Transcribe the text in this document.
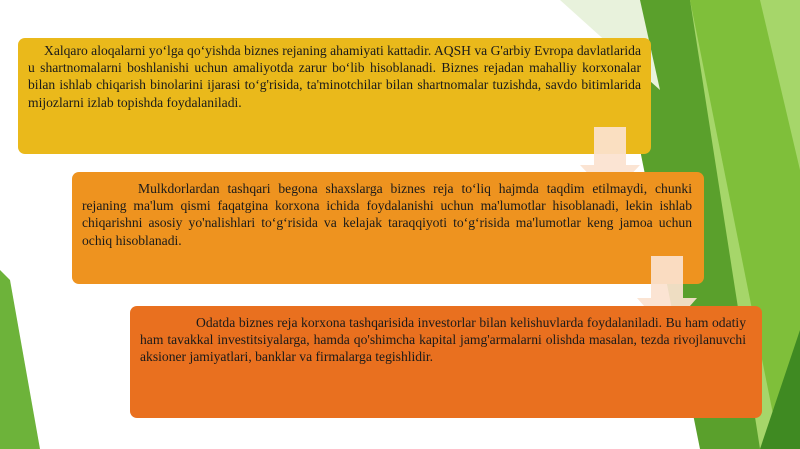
Xalqaro aloqalarni yoʻlga qoʻyishda biznes rejaning ahamiyati kattadir. AQSH va G'arbiy Evropa davlatlarida u shartnomalarni boshlanishi uchun amaliyotda zarur boʻlib hisoblanadi. Biznes rejadan mahalliy korxonalar bilan ishlab chiqarish binolarini ijarasi toʻg'risida, ta'minotchilar bilan shartnomalar tuzishda, savdo bitimlarida mijozlarni izlab topishda foydalaniladi.
Mulkdorlardan tashqari begona shaxslarga biznes reja toʻliq hajmda taqdim etilmaydi, chunki rejaning ma'lum qismi faqatgina korxona ichida foydalanishi uchun ma'lumotlar hisoblanadi, lekin ishlab chiqarishni asosiy yo'nalishlari toʻgʻrisida va kelajak taraqqiyoti toʻgʻrisida ma'lumotlar keng jamoa uchun ochiq hisoblanadi.
Odatda biznes reja korxona tashqarisida investorlar bilan kelishuvlarda foydalaniladi. Bu ham odatiy ham tavakkal investitsiyalarga, hamda qo'shimcha kapital jamg'armalarni olishda masalan, tezda rivojlanuvchi aksioner jamiyatlari, banklar va firmalarga tegishlidir.
